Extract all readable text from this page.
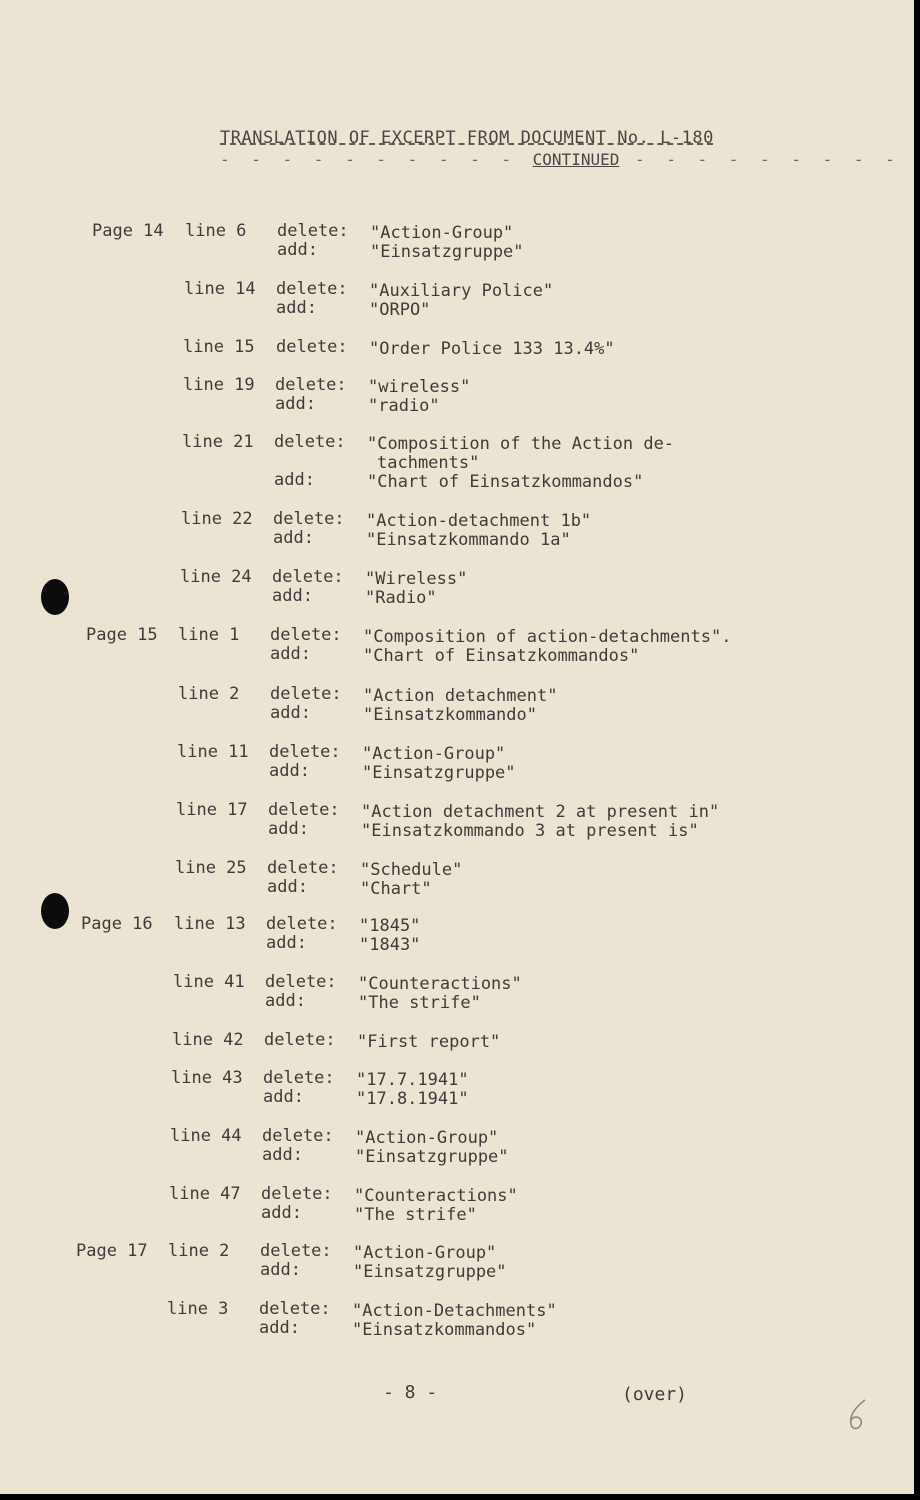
TRANSLATION OF EXCERPT FROM DOCUMENT No. L-180
- - - - - - - - - - CONTINUED - - - - - - - - -
Page 14 line 6 delete: "Action-Group"
add:	"Einsatzgruppe"
line 14 delete: "Auxiliary Police"
add:	"ORPO"
line 15 delete: "Order Police 133 13.4%"
line 19 delete: "wireless"
add:	"radio"
line 21 delete: "Composition of the Action de-
tachments"
add:	"Chart of Einsatzkommandos"
line 22 delete: "Action-detachment 1b"
add:	"Einsatzkommando 1a"
line 24 delete: "Wireless"
add:	"Radio"
Page 15 line 1 delete: "Composition of action-detachments".
add:	"Chart of Einsatzkommandos"
line 2 delete: "Action detachment"
add:	"Einsatzkommando"
line 11 delete: "Action-Group"
add:	"Einsatzgruppe"
line 17 delete: "Action detachment 2 at present in"
add:	"Einsatzkommando 3 at present is"
line 25 delete: "Schedule"
add:	"Chart"
Page 16 line 13 delete: "1845"
add:	"1843"
line 41 delete: "Counteractions"
add:	"The strife"
line 42 delete: "First report"
line 43 delete: "17.7.1941"
add:	"17.8.1941"
line 44 delete: "Action-Group"
add:	"Einsatzgruppe"
line 47 delete: "Counteractions"
add:	"The strife"
Page 17 line 2 delete: "Action-Group"
add:	"Einsatzgruppe"
line 3 delete: "Action-Detachments"
add:	"Einsatzkommandos"
- 8 -	(over)
